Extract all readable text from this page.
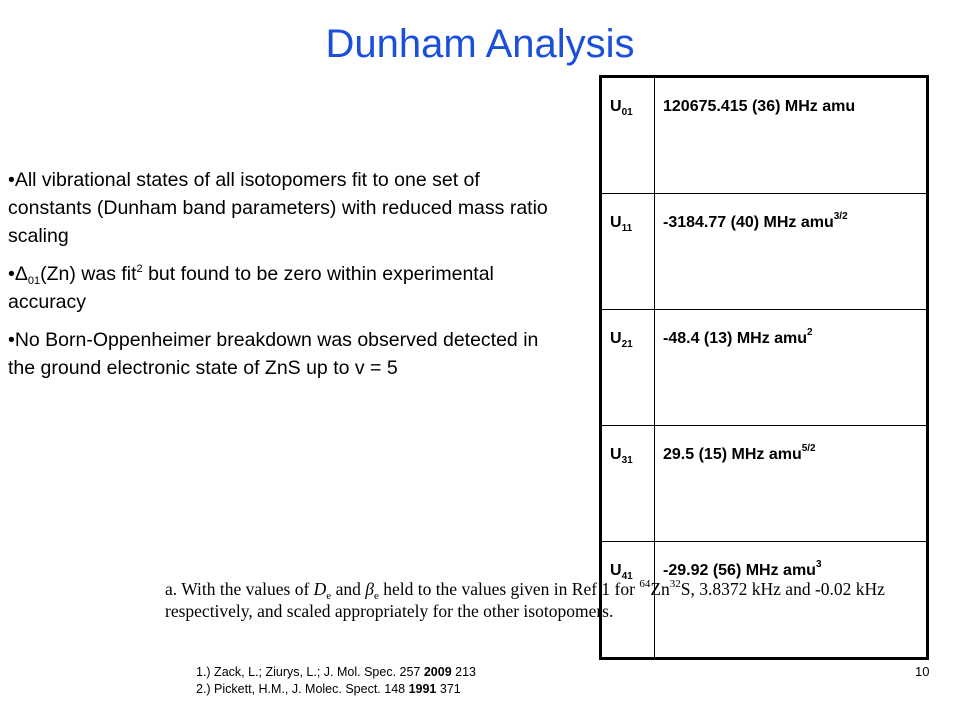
Dunham Analysis
•All vibrational states of all isotopomers fit to one set of constants (Dunham band parameters) with reduced mass ratio scaling
$•\Delta_{01}(Zn)$ was fit$^2$ but found to be zero within experimental accuracy
•No Born-Oppenheimer breakdown was observed detected in the ground electronic state of ZnS up to v = 5
$U_{01}$	120675.415 (36) MHz amu
$U_{11}$	-3184.77 (40) MHz amu$^{3/2}$
$U_{21}$	-48.4 (13) MHz amu$^2$
$U_{31}$	29.5 (15) MHz amu$^{5/2}$
$U_{41}$	-29.92 (56) MHz amu$^3$
a. With the values of $D_e$ and $\beta_e$ held to the values given in Ref 1 for $^{64}$Zn$^{32}$S, 3.8372 kHz and -0.02 kHz respectively, and scaled appropriately for the other isotopomers.
1.) Zack, L.; Ziurys, L.; J. Mol. Spec. 257 2009 213
2.) Pickett, H.M., J. Molec. Spect. 148 1991 371
10
